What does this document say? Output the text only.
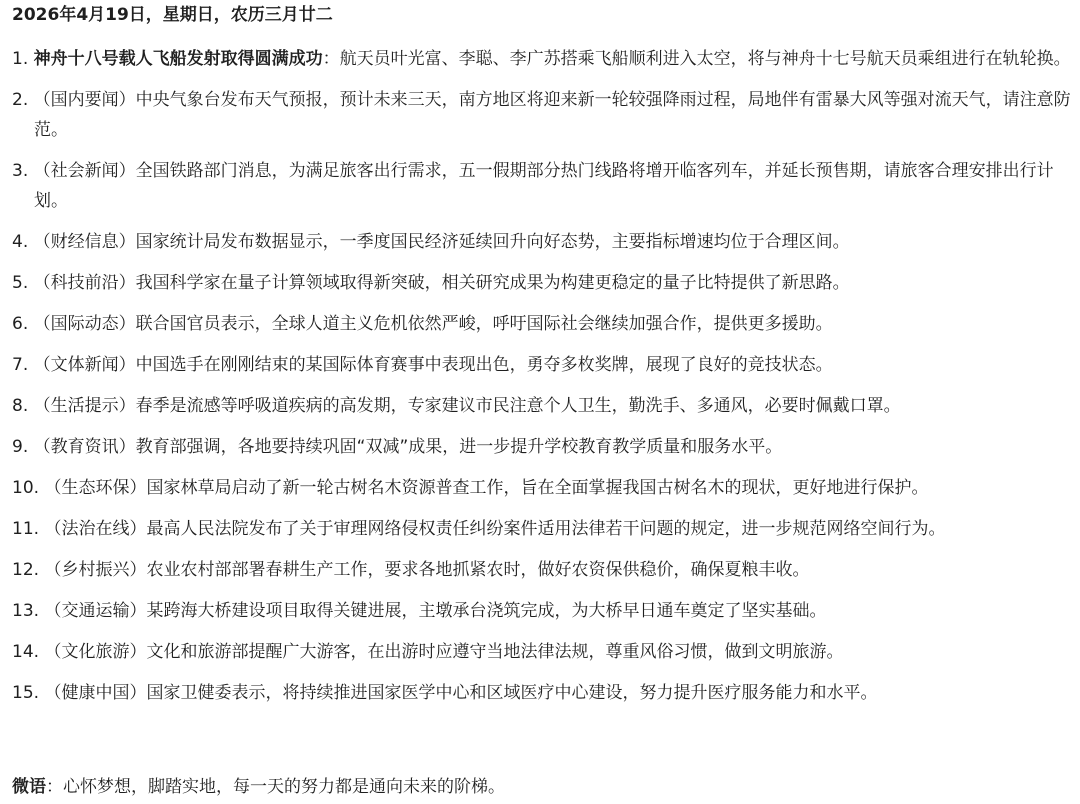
2026年4月19日，星期日，农历三月廿二
1. 神舟十八号载人飞船发射取得圆满成功：航天员叶光富、李聪、李广苏搭乘飞船顺利进入太空，将与神舟十七号航天员乘组进行在轨轮换。
2. （国内要闻）中央气象台发布天气预报，预计未来三天，南方地区将迎来新一轮较强降雨过程，局地伴有雷暴大风等强对流天气，请注意防范。
3. （社会新闻）全国铁路部门消息，为满足旅客出行需求，五一假期部分热门线路将增开临客列车，并延长预售期，请旅客合理安排出行计划。
4. （财经信息）国家统计局发布数据显示，一季度国民经济延续回升向好态势，主要指标增速均位于合理区间。
5. （科技前沿）我国科学家在量子计算领域取得新突破，相关研究成果为构建更稳定的量子比特提供了新思路。
6. （国际动态）联合国官员表示，全球人道主义危机依然严峻，呼吁国际社会继续加强合作，提供更多援助。
7. （文体新闻）中国选手在刚刚结束的某国际体育赛事中表现出色，勇夺多枚奖牌，展现了良好的竞技状态。
8. （生活提示）春季是流感等呼吸道疾病的高发期，专家建议市民注意个人卫生，勤洗手、多通风，必要时佩戴口罩。
9. （教育资讯）教育部强调，各地要持续巩固“双减”成果，进一步提升学校教育教学质量和服务水平。
10. （生态环保）国家林草局启动了新一轮古树名木资源普查工作，旨在全面掌握我国古树名木的现状，更好地进行保护。
11. （法治在线）最高人民法院发布了关于审理网络侵权责任纠纷案件适用法律若干问题的规定，进一步规范网络空间行为。
12. （乡村振兴）农业农村部部署春耕生产工作，要求各地抓紧农时，做好农资保供稳价，确保夏粮丰收。
13. （交通运输）某跨海大桥建设项目取得关键进展，主墩承台浇筑完成，为大桥早日通车奠定了坚实基础。
14. （文化旅游）文化和旅游部提醒广大游客，在出游时应遵守当地法律法规，尊重风俗习惯，做到文明旅游。
15. （健康中国）国家卫健委表示，将持续推进国家医学中心和区域医疗中心建设，努力提升医疗服务能力和水平。
微语：心怀梦想，脚踏实地，每一天的努力都是通向未来的阶梯。
